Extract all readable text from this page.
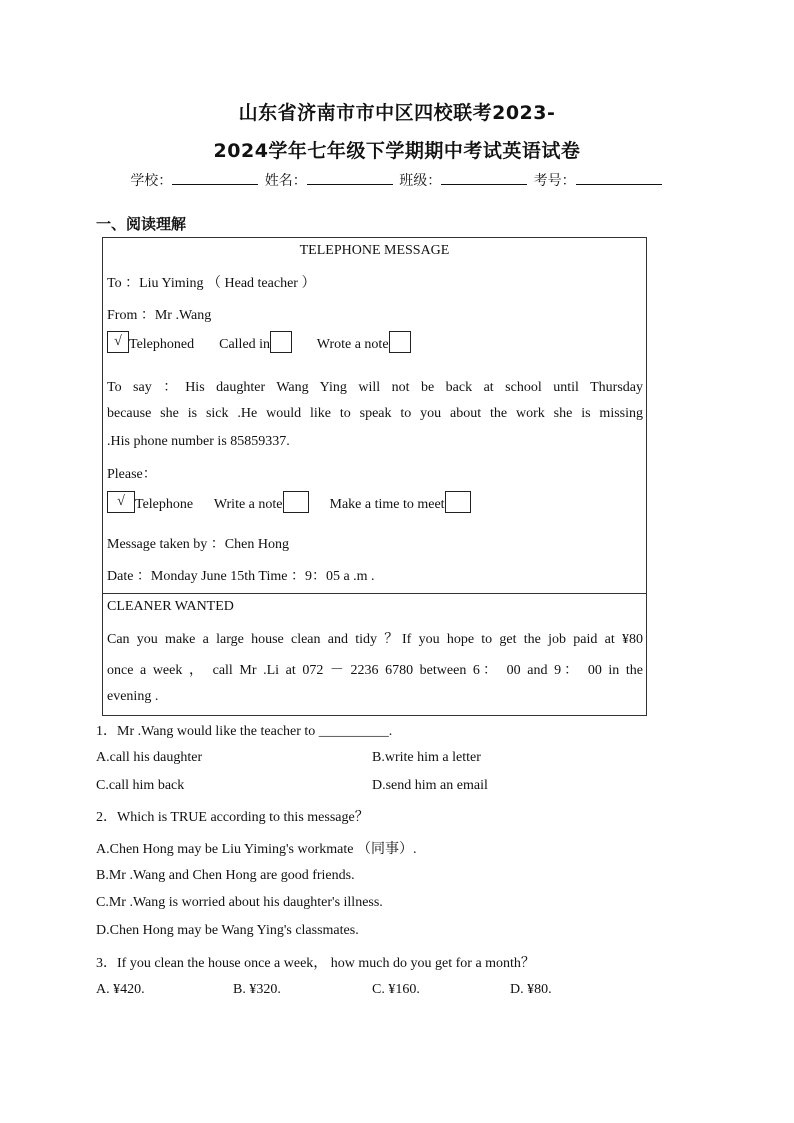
山东省济南市市中区四校联考2023-
2024学年七年级下学期期中考试英语试卷
学校：	姓名：	班级：	考号：
一、阅读理解
TELEPHONE MESSAGE
To ：Liu Yiming （ Head teacher ）
From ：Mr .Wang
√ Telephoned Called in	Wrote a note
To say ：His daughter Wang Ying will not be back at school until Thursday
because she is sick .He would like to speak to you about the work she is missing
.His phone number is 85859337.
Please：
√ Telephone Write a note	Make a time to meet
Message taken by ：Chen Hong
Date ：Monday June 15th Time ：9：05 a .m .
CLEANER WANTED
Can you make a large house clean and tidy ？If you hope to get the job paid at ¥80
once a week ， call Mr .Li at 072 － 2236 6780 between 6： 00 and 9： 00 in the
evening .
1．Mr .Wang would like the teacher to __________.
A.call his daughter	B.write him a letter
C.call him back	D.send him an email
2．Which is TRUE according to this message？
A.Chen Hong may be Liu Yiming's workmate （同事）.
B.Mr .Wang and Chen Hong are good friends.
C.Mr .Wang is worried about his daughter's illness.
D.Chen Hong may be Wang Ying's classmates.
3．If you clean the house once a week， how much do you get for a month？
A. ¥420.	B. ¥320.	C. ¥160.	D. ¥80.
